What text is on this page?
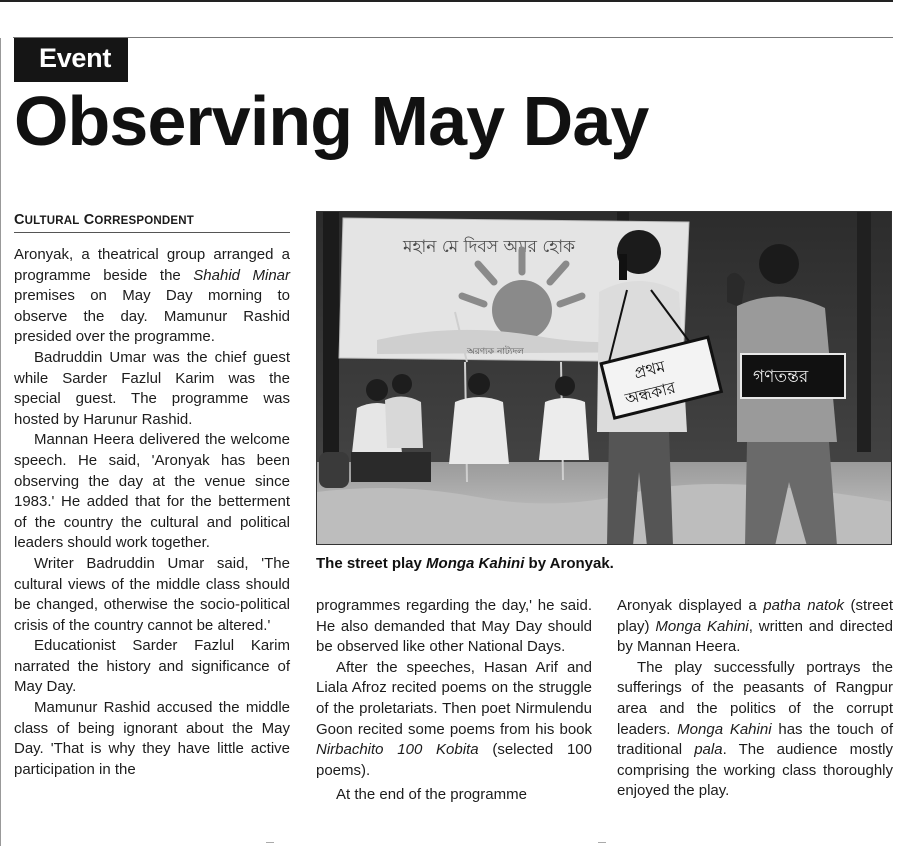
Event
Observing May Day
CULTURAL CORRESPONDENT

Aronyak, a theatrical group arranged a programme beside the Shahid Minar premises on May Day morning to observe the day. Mamunur Rashid presided over the programme.

Badruddin Umar was the chief guest while Sarder Fazlul Karim was the special guest. The programme was hosted by Harunur Rashid.

Mannan Heera delivered the welcome speech. He said, 'Aronyak has been observing the day at the venue since 1983.' He added that for the betterment of the country the cultural and political leaders should work together.

Writer Badruddin Umar said, 'The cultural views of the middle class should be changed, otherwise the socio-political crisis of the country cannot be altered.'

Educationist Sarder Fazlul Karim narrated the history and significance of May Day.

Mamunur Rashid accused the middle class of being ignorant about the May Day. 'That is why they have little active participation in the

মহান মে দিবস অমর হোক
অরণ্যক নাট্যদল
প্রথম
অন্ধকার
গণতন্তর
The street play Monga Kahini by Aronyak.

programmes regarding the day,' he said. He also demanded that May Day should be observed like other National Days.

After the speeches, Hasan Arif and Liala Afroz recited poems on the struggle of the proletariats. Then poet Nirmulendu Goon recited some poems from his book Nirbachito 100 Kobita (selected 100 poems).

At the end of the programme

Aronyak displayed a patha natok (street play) Monga Kahini, written and directed by Mannan Heera.

The play successfully portrays the sufferings of the peasants of Rangpur area and the politics of the corrupt leaders. Monga Kahini has the touch of traditional pala. The audience mostly comprising the working class thoroughly enjoyed the play.
